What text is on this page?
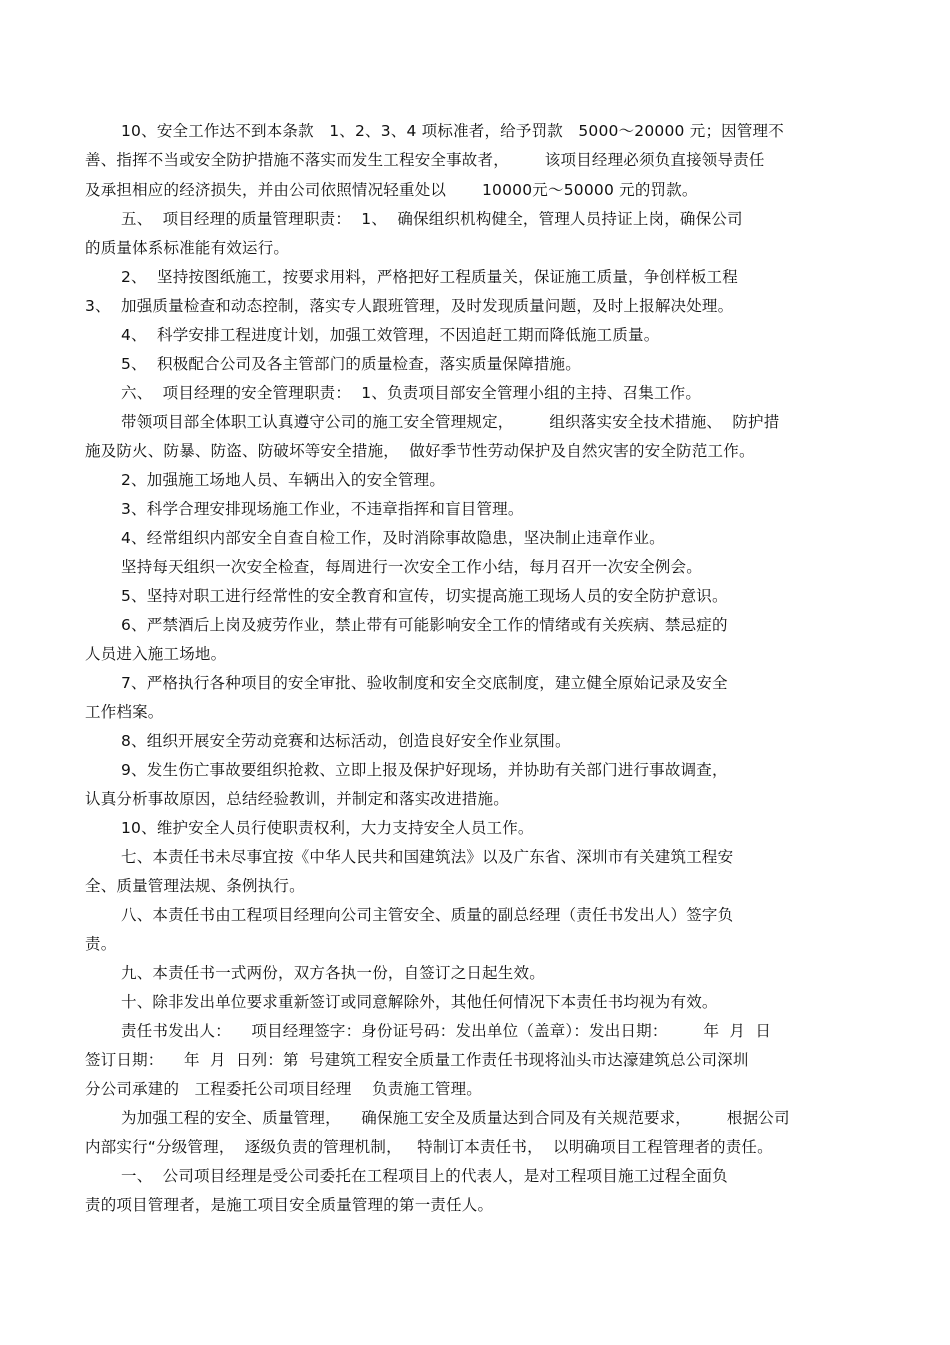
10、安全工作达不到本条款   1、2、3、4 项标准者，给予罚款   5000～20000 元；因管理不
善、指挥不当或安全防护措施不落实而发生工程安全事故者，       该项目经理必须负直接领导责任
及承担相应的经济损失，并由公司依照情况轻重处以       10000元～50000 元的罚款。
五、  项目经理的质量管理职责：  1、  确保组织机构健全，管理人员持证上岗，确保公司
的质量体系标准能有效运行。
2、  坚持按图纸施工，按要求用料，严格把好工程质量关，保证施工质量，争创样板工程
3、  加强质量检查和动态控制，落实专人跟班管理，及时发现质量问题，及时上报解决处理。
4、  科学安排工程进度计划，加强工效管理，不因追赶工期而降低施工质量。
5、  积极配合公司及各主管部门的质量检查，落实质量保障措施。
六、  项目经理的安全管理职责：  1、负责项目部安全管理小组的主持、召集工作。
带领项目部全体职工认真遵守公司的施工安全管理规定，       组织落实安全技术措施、  防护措
施及防火、防暴、防盗、防破坏等安全措施，  做好季节性劳动保护及自然灾害的安全防范工作。
2、加强施工场地人员、车辆出入的安全管理。
3、科学合理安排现场施工作业，不违章指挥和盲目管理。
4、经常组织内部安全自查自检工作，及时消除事故隐患，坚决制止违章作业。
坚持每天组织一次安全检查，每周进行一次安全工作小结，每月召开一次安全例会。
5、坚持对职工进行经常性的安全教育和宣传，切实提高施工现场人员的安全防护意识。
6、严禁酒后上岗及疲劳作业，禁止带有可能影响安全工作的情绪或有关疾病、禁忌症的
人员进入施工场地。
7、严格执行各种项目的安全审批、验收制度和安全交底制度，建立健全原始记录及安全
工作档案。
8、组织开展安全劳动竞赛和达标活动，创造良好安全作业氛围。
9、发生伤亡事故要组织抢救、立即上报及保护好现场，并协助有关部门进行事故调查，
认真分析事故原因，总结经验教训，并制定和落实改进措施。
10、维护安全人员行使职责权利，大力支持安全人员工作。
七、本责任书未尽事宜按《中华人民共和国建筑法》以及广东省、深圳市有关建筑工程安
全、质量管理法规、条例执行。
八、本责任书由工程项目经理向公司主管安全、质量的副总经理（责任书发出人）签字负
责。
九、本责任书一式两份，双方各执一份，自签订之日起生效。
十、除非发出单位要求重新签订或同意解除外，其他任何情况下本责任书均视为有效。
责任书发出人：    项目经理签字：身份证号码：发出单位（盖章）：发出日期：       年  月  日
签订日期：    年  月  日列：第  号建筑工程安全质量工作责任书现将汕头市达濠建筑总公司深圳
分公司承建的   工程委托公司项目经理    负责施工管理。
为加强工程的安全、质量管理，    确保施工安全及质量达到合同及有关规范要求，       根据公司
内部实行“分级管理，  逐级负责的管理机制，   特制订本责任书，  以明确项目工程管理者的责任。
一、  公司项目经理是受公司委托在工程项目上的代表人，是对工程项目施工过程全面负
责的项目管理者，是施工项目安全质量管理的第一责任人。
